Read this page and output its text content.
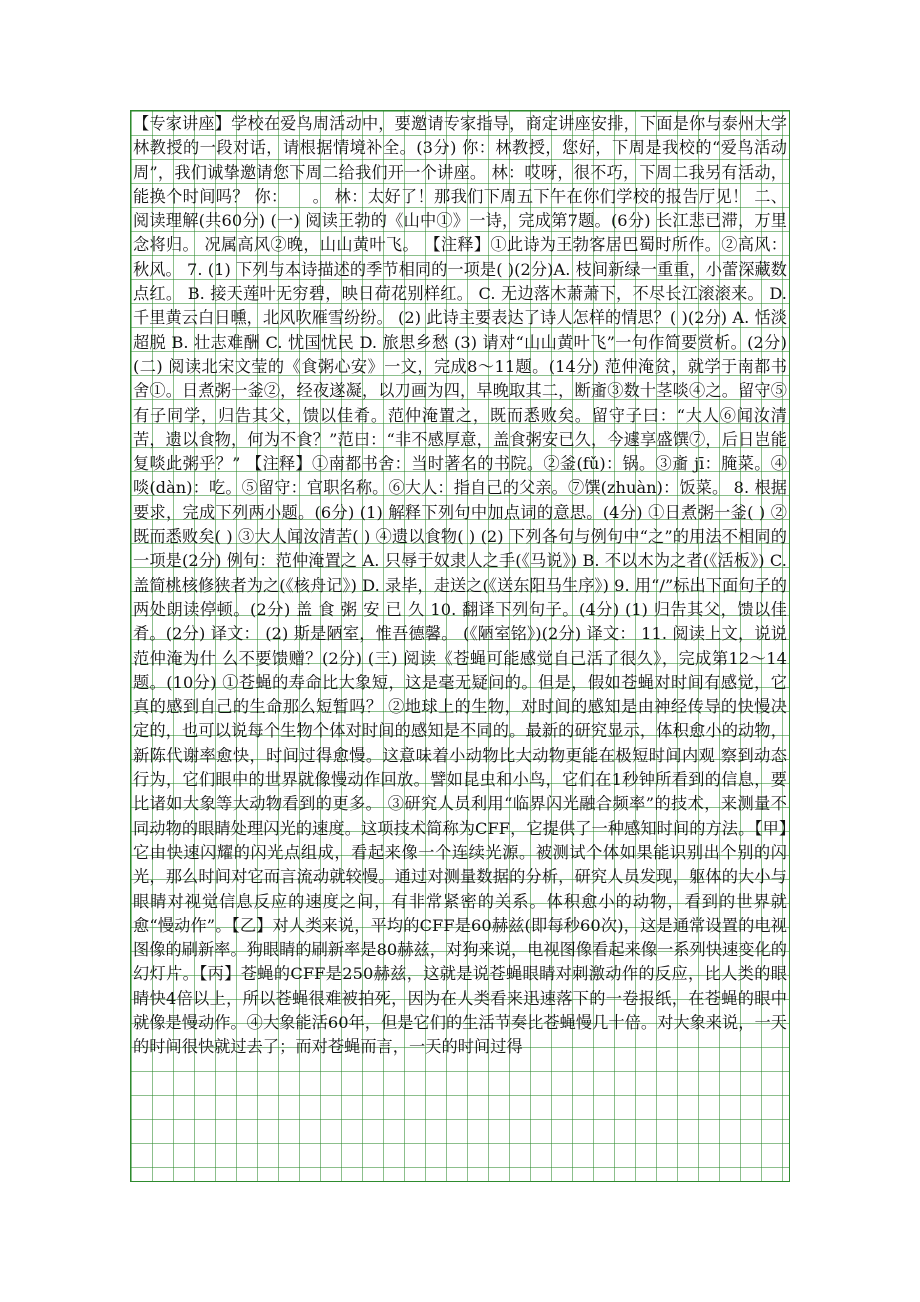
【专家讲座】学校在爱鸟周活动中，要邀请专家指导，商定讲座安排，下面是你与泰州大学林教授的一段对话，请根据情境补全。(3分) 你：林教授，您好，下周是我校的“爱鸟活动周”，我们诚挚邀请您下周二给我们开一个讲座。 林：哎呀，很不巧，下周二我另有活动，能换个时间吗？ 你：　　。 林：太好了！那我们下周五下午在你们学校的报告厅见！ 二、阅读理解(共60分) (一) 阅读王勃的《山中①》一诗，完成第7题。(6分) 长江悲已滞，万里念将归。 况属高风②晚，山山黄叶飞。 【注释】①此诗为王勃客居巴蜀时所作。②高风：秋风。 7. (1) 下列与本诗描述的季节相同的一项是( )(2分)A. 枝间新绿一重重，小蕾深藏数点红。 B. 接天莲叶无穷碧，映日荷花别样红。 C. 无边落木萧萧下，不尽长江滚滚来。 D. 千里黄云白日曛，北风吹雁雪纷纷。 (2) 此诗主要表达了诗人怎样的情思？( )(2分) A. 恬淡超脱 B. 壮志难酬 C. 忧国忧民 D. 旅思乡愁 (3) 请对“山山黄叶飞”一句作简要赏析。(2分) (二) 阅读北宋文莹的《食粥心安》一文，完成8～11题。(14分) 范仲淹贫，就学于南都书舍①。日煮粥一釜②，经夜遂凝，以刀画为四，早晚取其二，断齑③数十茎啖④之。留守⑤有子同学，归告其父，馈以佳肴。范仲淹置之，既而悉败矣。留守子曰：“大人⑥闻汝清苦，遗以食物，何为不食？”范曰：“非不感厚意，盖食粥安已久，今遽享盛馔⑦，后日岂能复啖此粥乎？” 【注释】①南都书舍：当时著名的书院。②釜(fǔ)：锅。③齑 jī：腌菜。④啖(dàn)：吃。⑤留守：官职名称。⑥大人：指自己的父亲。⑦馔(zhuàn)：饭菜。 8. 根据要求，完成下列两小题。(6分) (1) 解释下列句中加点词的意思。(4分) ①日煮粥一釜( ) ②既而悉败矣( ) ③大人闻汝清苦( ) ④遗以食物( ) (2) 下列各句与例句中“之”的用法不相同的一项是(2分) 例句：范仲淹置之 A. 只辱于奴隶人之手(《马说》) B. 不以木为之者(《活板》) C. 盖简桃核修狭者为之(《核舟记》) D. 录毕，走送之(《送东阳马生序》) 9. 用“/”标出下面句子的两处朗读停顿。(2分) 盖 食 粥 安 已 久 10. 翻译下列句子。(4分) (1) 归告其父，馈以佳肴。(2分) 译文： (2) 斯是陋室，惟吾德馨。 (《陋室铭》)(2分) 译文： 11. 阅读上文，说说范仲淹为什 么不要馈赠？(2分) (三) 阅读《苍蝇可能感觉自己活了很久》，完成第12～14题。(10分) ①苍蝇的寿命比大象短，这是毫无疑问的。但是，假如苍蝇对时间有感觉，它真的感到自己的生命那么短暂吗？ ②地球上的生物，对时间的感知是由神经传导的快慢决定的，也可以说每个生物个体对时间的感知是不同的。最新的研究显示，体积愈小的动物，新陈代谢率愈快，时间过得愈慢。这意味着小动物比大动物更能在极短时间内观 察到动态行为，它们眼中的世界就像慢动作回放。譬如昆虫和小鸟，它们在1秒钟所看到的信息，要比诸如大象等大动物看到的更多。 ③研究人员利用“临界闪光融合频率”的技术，来测量不同动物的眼睛处理闪光的速度。这项技术简称为CFF，它提供了一种感知时间的方法。【甲】它由快速闪耀的闪光点组成，看起来像一个连续光源。被测试个体如果能识别出个别的闪光，那么时间对它而言流动就较慢。通过对测量数据的分析，研究人员发现，躯体的大小与眼睛对视觉信息反应的速度之间，有非常紧密的关系。体积愈小的动物，看到的世界就愈“慢动作”。【乙】对人类来说，平均的CFF是60赫兹(即每秒60次)，这是通常设置的电视图像的刷新率。狗眼睛的刷新率是80赫兹，对狗来说，电视图像看起来像一系列快速变化的幻灯片。【丙】苍蝇的CFF是250赫兹，这就是说苍蝇眼睛对刺激动作的反应，比人类的眼睛快4倍以上，所以苍蝇很难被拍死，因为在人类看来迅速落下的一卷报纸，在苍蝇的眼中就像是慢动作。④大象能活60年，但是它们的生活节奏比苍蝇慢几十倍。对大象来说，一天的时间很快就过去了；而对苍蝇而言，一天的时间过得
